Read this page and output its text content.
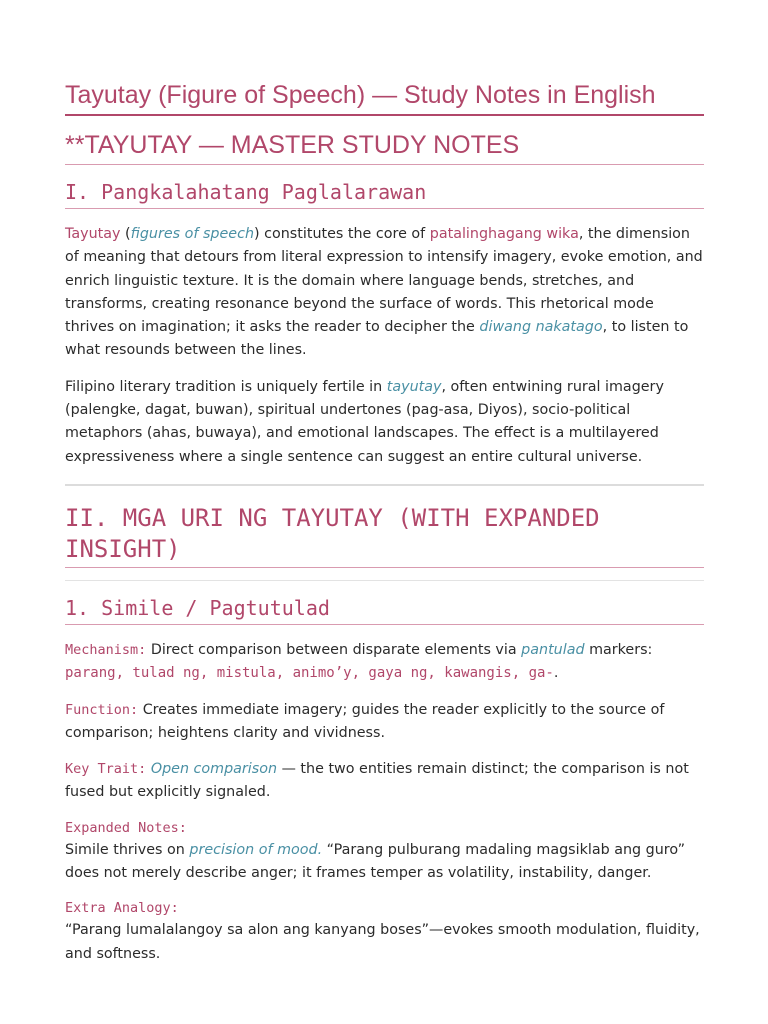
Tayutay (Figure of Speech) — Study Notes in English
**TAYUTAY — MASTER STUDY NOTES
I. Pangkalahatang Paglalarawan

Tayutay (figures of speech) constitutes the core of patalinghagang wika, the dimension of meaning that detours from literal expression to intensify imagery, evoke emotion, and enrich linguistic texture. It is the domain where language bends, stretches, and transforms, creating resonance beyond the surface of words. This rhetorical mode thrives on imagination; it asks the reader to decipher the diwang nakatago, to listen to what resounds between the lines.

Filipino literary tradition is uniquely fertile in tayutay, often entwining rural imagery (palengke, dagat, buwan), spiritual undertones (pag-asa, Diyos), socio-political metaphors (ahas, buwaya), and emotional landscapes. The effect is a multilayered expressiveness where a single sentence can suggest an entire cultural universe.

II. MGA URI NG TAYUTAY (WITH EXPANDED INSIGHT)
1. Simile / Pagtutulad

Mechanism: Direct comparison between disparate elements via pantulad markers: parang, tulad ng, mistula, animo’y, gaya ng, kawangis, ga-.

Function: Creates immediate imagery; guides the reader explicitly to the source of comparison; heightens clarity and vividness.

Key Trait: Open comparison — the two entities remain distinct; the comparison is not fused but explicitly signaled.

Expanded Notes:

Simile thrives on precision of mood. “Parang pulburang madaling magsiklab ang guro” does not merely describe anger; it frames temper as volatility, instability, danger.

Extra Analogy:

“Parang lumalalangoy sa alon ang kanyang boses”—evokes smooth modulation, fluidity, and softness.
